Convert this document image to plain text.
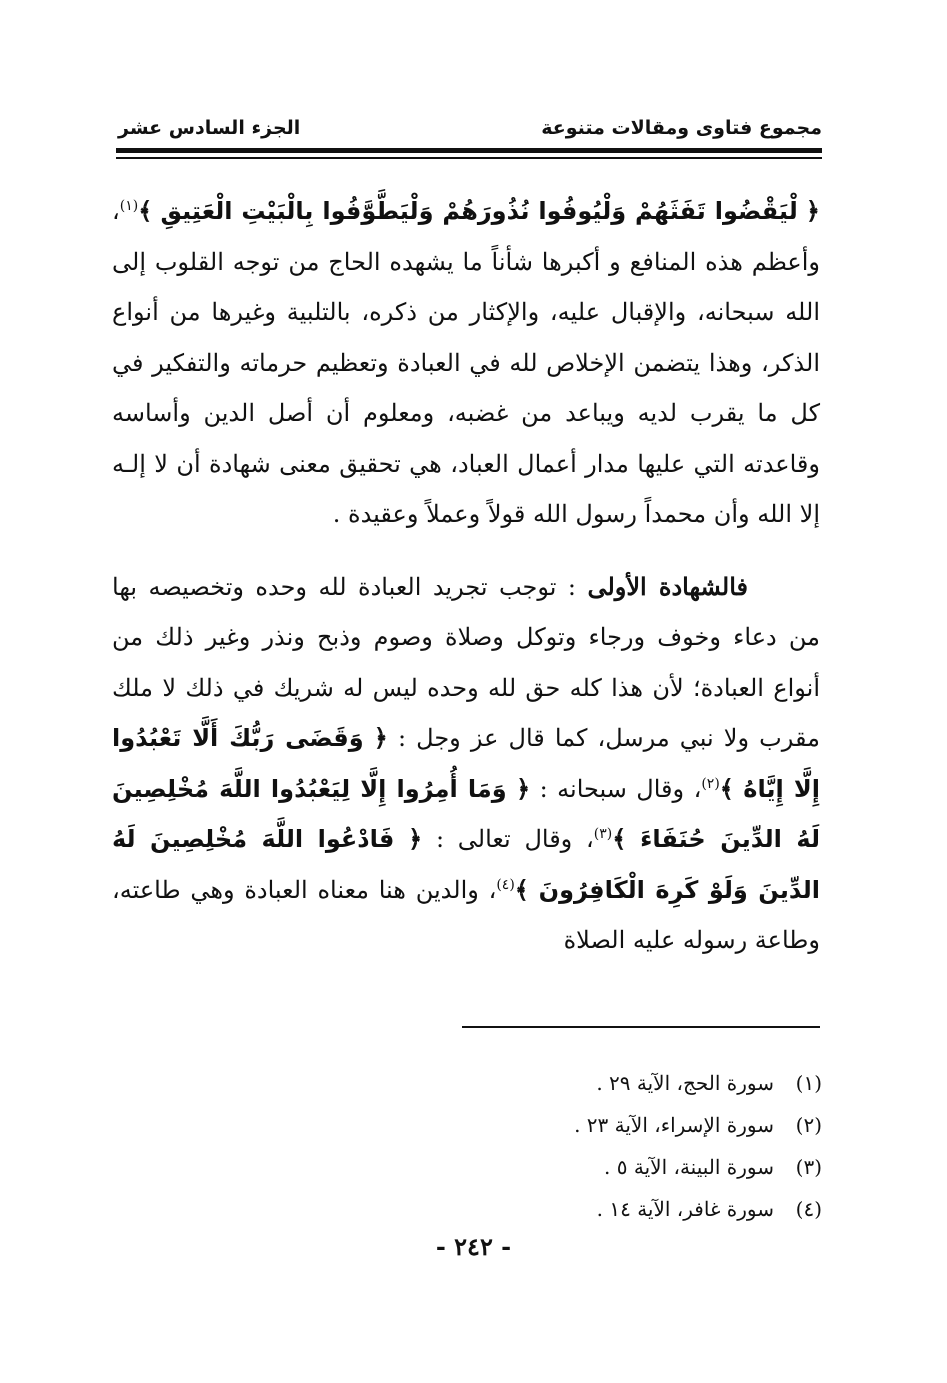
مجموع فتاوى ومقالات متنوعة
الجزء السادس عشر

﴿ لْيَقْضُوا تَفَثَهُمْ وَلْيُوفُوا نُذُورَهُمْ وَلْيَطَّوَّفُوا بِالْبَيْتِ الْعَتِيقِ ﴾$^{(١)}$، وأعظم هذه المنافع و أكبرها شأناً ما يشهده الحاج من توجه القلوب إلى الله سبحانه، والإقبال عليه، والإكثار من ذكره، بالتلبية وغيرها من أنواع الذكر، وهذا يتضمن الإخلاص لله في العبادة وتعظيم حرماته والتفكير في كل ما يقرب لديه ويباعد من غضبه، ومعلوم أن أصل الدين وأساسه وقاعدته التي عليها مدار أعمال العباد، هي تحقيق معنى شهادة أن لا إلـه إلا الله وأن محمداً رسول الله قولاً وعملاً وعقيدة .

فالشهادة الأولى : توجب تجريد العبادة لله وحده وتخصيصه بها من دعاء وخوف ورجاء وتوكل وصلاة وصوم وذبح ونذر وغير ذلك من أنواع العبادة؛ لأن هذا كله حق لله وحده ليس له شريك في ذلك لا ملك مقرب ولا نبي مرسل، كما قال عز وجل : ﴿ وَقَضَى رَبُّكَ أَلَّا تَعْبُدُوا إِلَّا إِيَّاهُ ﴾$^{(٢)}$، وقال سبحانه : ﴿ وَمَا أُمِرُوا إِلَّا لِيَعْبُدُوا اللَّهَ مُخْلِصِينَ لَهُ الدِّينَ حُنَفَاءَ ﴾$^{(٣)}$، وقال تعالى : ﴿ فَادْعُوا اللَّهَ مُخْلِصِينَ لَهُ الدِّينَ وَلَوْ كَرِهَ الْكَافِرُونَ ﴾$^{(٤)}$، والدين هنا معناه العبادة وهي طاعته، وطاعة رسوله عليه الصلاة

(١)سورة الحج، الآية ٢٩ .
(٢)سورة الإسراء، الآية ٢٣ .
(٣)سورة البينة، الآية ٥ .
(٤)سورة غافر، الآية ١٤ .
- ٢٤٢ -
